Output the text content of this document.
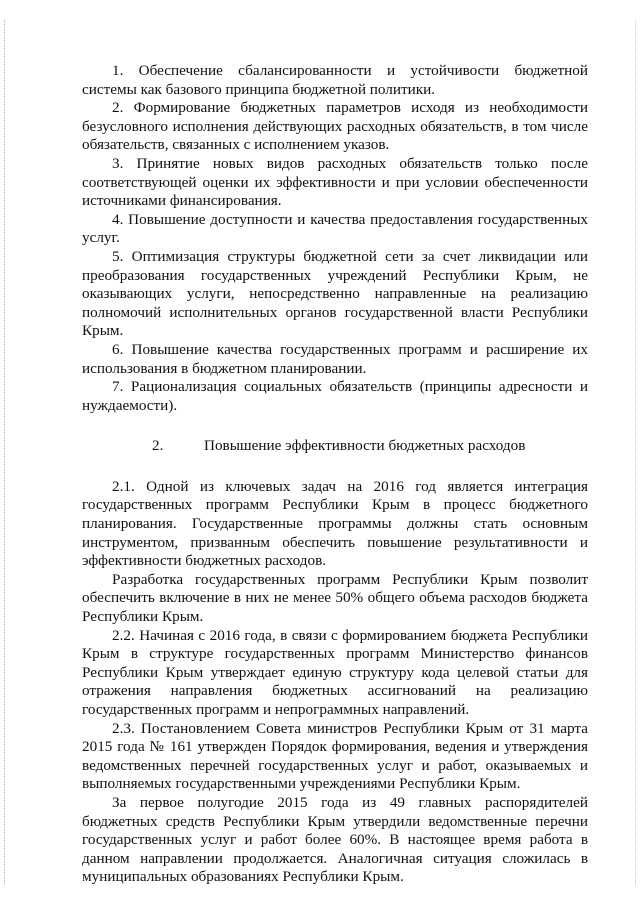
1. Обеспечение сбалансированности и устойчивости бюджетной системы как базового принципа бюджетной политики.

2. Формирование бюджетных параметров исходя из необходимости безусловного исполнения действующих расходных обязательств, в том числе обязательств, связанных с исполнением указов.

3. Принятие новых видов расходных обязательств только после соответствующей оценки их эффективности и при условии обеспеченности источниками финансирования.

4. Повышение доступности и качества предоставления государственных услуг.

5. Оптимизация структуры бюджетной сети за счет ликвидации или преобразования государственных учреждений Республики Крым, не оказывающих услуги, непосредственно направленные на реализацию полномочий исполнительных органов государственной власти Республики Крым.

6. Повышение качества государственных программ и расширение их использования в бюджетном планировании.

7. Рационализация социальных обязательств (принципы адресности и нуждаемости).

2.	Повышение эффективности бюджетных расходов

2.1. Одной из ключевых задач на 2016 год является интеграция государственных программ Республики Крым в процесс бюджетного планирования. Государственные программы должны стать основным инструментом, призванным обеспечить повышение результативности и эффективности бюджетных расходов.

Разработка государственных программ Республики Крым позволит обеспечить включение в них не менее 50% общего объема расходов бюджета Республики Крым.

2.2. Начиная с 2016 года, в связи с формированием бюджета Республики Крым в структуре государственных программ Министерство финансов Республики Крым утверждает единую структуру кода целевой статьи для отражения направления бюджетных ассигнований на реализацию государственных программ и непрограммных направлений.

2.3. Постановлением Совета министров Республики Крым от 31 марта 2015 года № 161 утвержден Порядок формирования, ведения и утверждения ведомственных перечней государственных услуг и работ, оказываемых и выполняемых государственными учреждениями Республики Крым.

За первое полугодие 2015 года из 49 главных распорядителей бюджетных средств Республики Крым утвердили ведомственные перечни государственных услуг и работ более 60%. В настоящее время работа в данном направлении продолжается. Аналогичная ситуация сложилась в муниципальных образованиях Республики Крым.
